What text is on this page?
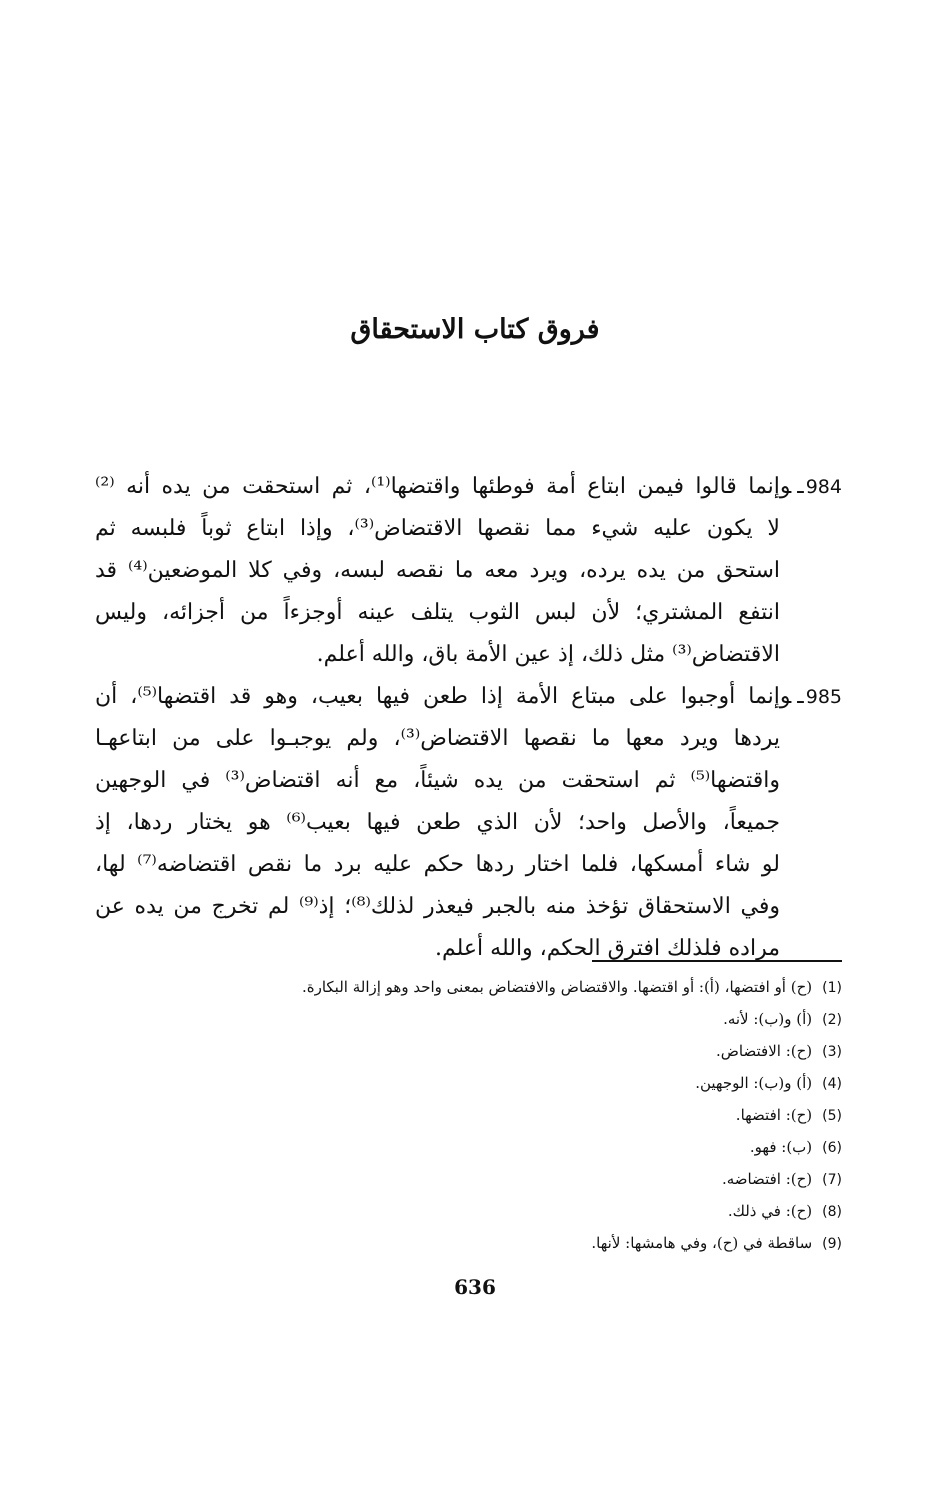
فروق كتاب الاستحقاق
984ـوإنما قالوا فيمن ابتاع أمة فوطئها واقتضها⁽¹⁾، ثم استحقت من يده أنه ⁽²⁾
لا يكون عليه شيء مما نقصها الاقتضاض⁽³⁾، وإذا ابتاع ثوباً فلبسه ثم
استحق من يده يرده، ويرد معه ما نقصه لبسه، وفي كلا الموضعين⁽⁴⁾ قد
انتفع المشتري؛ لأن لبس الثوب يتلف عينه أوجزءاً من أجزائه، وليس
الاقتضاض⁽³⁾ مثل ذلك، إذ عين الأمة باق، والله أعلم.
985ـوإنما أوجبوا على مبتاع الأمة إذا طعن فيها بعيب، وهو قد اقتضها⁽⁵⁾، أن
يردها ويرد معها ما نقصها الاقتضاض⁽³⁾، ولم يوجبـوا على من ابتاعهـا
واقتضها⁽⁵⁾ ثم استحقت من يده شيئاً، مع أنه اقتضاض⁽³⁾ في الوجهين
جميعاً، والأصل واحد؛ لأن الذي طعن فيها بعيب⁽⁶⁾ هو يختار ردها، إذ
لو شاء أمسكها، فلما اختار ردها حكم عليه برد ما نقص اقتضاضه⁽⁷⁾ لها،
وفي الاستحقاق تؤخذ منه بالجبر فيعذر لذلك⁽⁸⁾؛ إذ⁽⁹⁾ لم تخرج من يده عن
مراده فلذلك افترق الحكم، والله أعلم.
(1)(ح) أو افتضها، (أ): أو اقتضها. والاقتضاض والافتضاض بمعنى واحد وهو إزالة البكارة.
(2)(أ) و(ب): لأنه.
(3)(ح): الافتضاض.
(4)(أ) و(ب): الوجهين.
(5)(ح): افتضها.
(6)(ب): فهو.
(7)(ح): افتضاضه.
(8)(ح): في ذلك.
(9)ساقطة في (ح)، وفي هامشها: لأنها.
636
